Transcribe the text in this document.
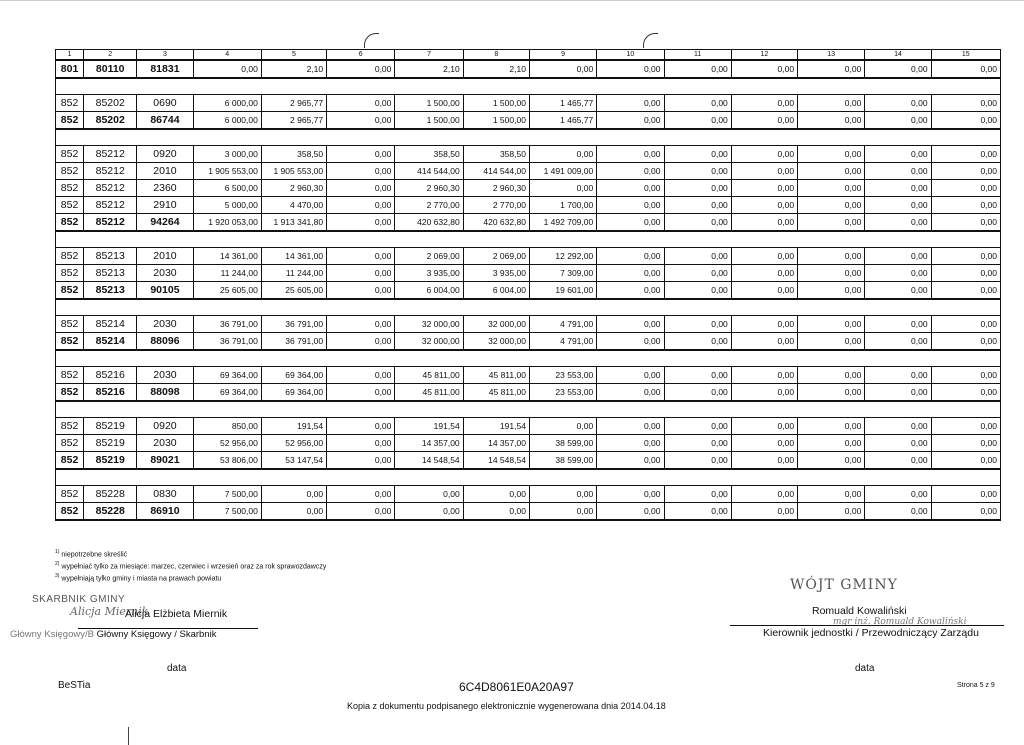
1	2	3	4	5	6	7	8	9	10	11	12	13	14	15
801	80110	81831	0,00	2,10	0,00	2,10	2,10	0,00	0,00	0,00	0,00	0,00	0,00	0,00

852	85202	0690	6 000,00	2 965,77	0,00	1 500,00	1 500,00	1 465,77	0,00	0,00	0,00	0,00	0,00	0,00
852	85202	86744	6 000,00	2 965,77	0,00	1 500,00	1 500,00	1 465,77	0,00	0,00	0,00	0,00	0,00	0,00

852	85212	0920	3 000,00	358,50	0,00	358,50	358,50	0,00	0,00	0,00	0,00	0,00	0,00	0,00
852	85212	2010	1 905 553,00	1 905 553,00	0,00	414 544,00	414 544,00	1 491 009,00	0,00	0,00	0,00	0,00	0,00	0,00
852	85212	2360	6 500,00	2 960,30	0,00	2 960,30	2 960,30	0,00	0,00	0,00	0,00	0,00	0,00	0,00
852	85212	2910	5 000,00	4 470,00	0,00	2 770,00	2 770,00	1 700,00	0,00	0,00	0,00	0,00	0,00	0,00
852	85212	94264	1 920 053,00	1 913 341,80	0,00	420 632,80	420 632,80	1 492 709,00	0,00	0,00	0,00	0,00	0,00	0,00

852	85213	2010	14 361,00	14 361,00	0,00	2 069,00	2 069,00	12 292,00	0,00	0,00	0,00	0,00	0,00	0,00
852	85213	2030	11 244,00	11 244,00	0,00	3 935,00	3 935,00	7 309,00	0,00	0,00	0,00	0,00	0,00	0,00
852	85213	90105	25 605,00	25 605,00	0,00	6 004,00	6 004,00	19 601,00	0,00	0,00	0,00	0,00	0,00	0,00

852	85214	2030	36 791,00	36 791,00	0,00	32 000,00	32 000,00	4 791,00	0,00	0,00	0,00	0,00	0,00	0,00
852	85214	88096	36 791,00	36 791,00	0,00	32 000,00	32 000,00	4 791,00	0,00	0,00	0,00	0,00	0,00	0,00

852	85216	2030	69 364,00	69 364,00	0,00	45 811,00	45 811,00	23 553,00	0,00	0,00	0,00	0,00	0,00	0,00
852	85216	88098	69 364,00	69 364,00	0,00	45 811,00	45 811,00	23 553,00	0,00	0,00	0,00	0,00	0,00	0,00

852	85219	0920	850,00	191,54	0,00	191,54	191,54	0,00	0,00	0,00	0,00	0,00	0,00	0,00
852	85219	2030	52 956,00	52 956,00	0,00	14 357,00	14 357,00	38 599,00	0,00	0,00	0,00	0,00	0,00	0,00
852	85219	89021	53 806,00	53 147,54	0,00	14 548,54	14 548,54	38 599,00	0,00	0,00	0,00	0,00	0,00	0,00

852	85228	0830	7 500,00	0,00	0,00	0,00	0,00	0,00	0,00	0,00	0,00	0,00	0,00	0,00
852	85228	86910	7 500,00	0,00	0,00	0,00	0,00	0,00	0,00	0,00	0,00	0,00	0,00	0,00
$^{1)}$ niepotrzebne skreślić
$^{2)}$ wypełniać tylko za miesiące: marzec, czerwiec i wrzesień oraz za rok sprawozdawczy
$^{3)}$ wypełniają tylko gminy i miasta na prawach powiatu
SKARBNIK GMINY
Alicja Miernik
Alicja Elżbieta Miernik
Główny Księgowy/B Główny Księgowy / Skarbnik
data
WÓJT GMINY
Romuald Kowaliński
mgr inż. Romuald Kowaliński
Kierownik jednostki / Przewodniczący Zarządu
data
BeSTia	6C4D8061E0A20A97	Strona 5 z 9
Kopia z dokumentu podpisanego elektronicznie wygenerowana dnia 2014.04.18
